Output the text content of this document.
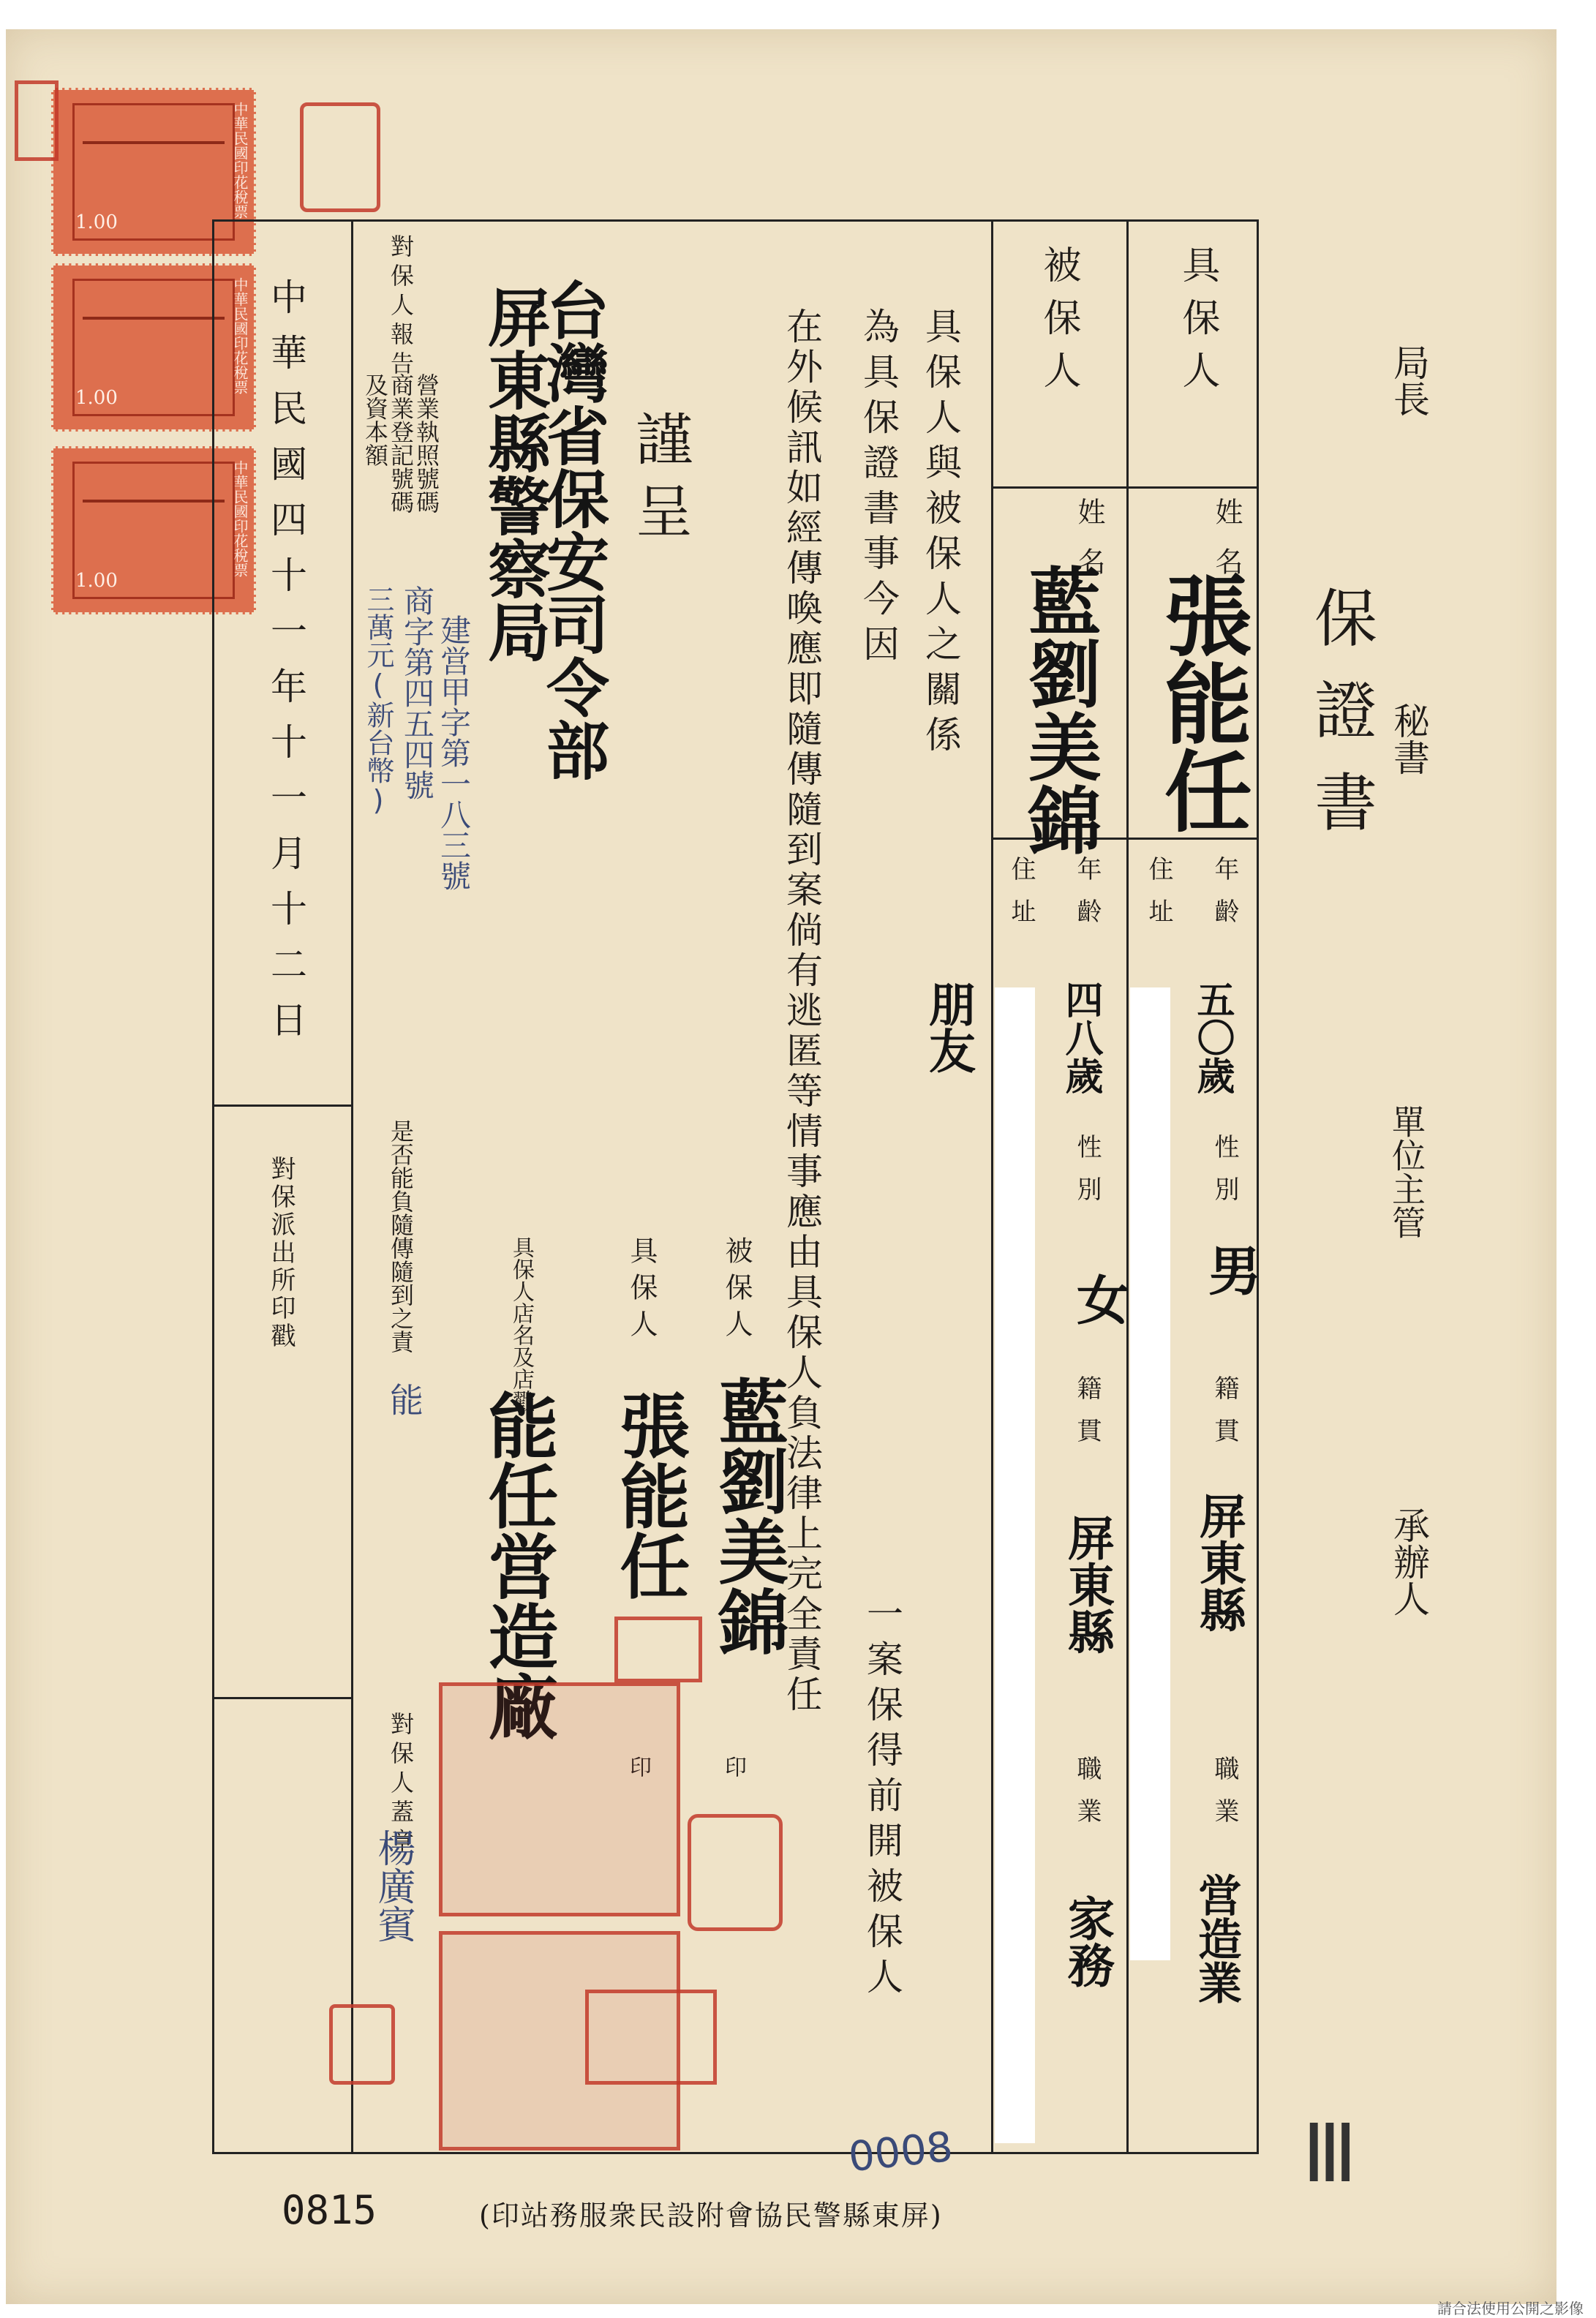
中華民國印花稅票
1.00
中華民國印花稅票
1.00
中華民國印花稅票
1.00
保證書
局長
秘書
單位主管
承辦人
具保人
姓名
張能任
年齡
住址
五〇歲
性別
男
籍貫
屏東縣
職業
営造業
被保人
姓名
藍劉美錦
年齡
住址
四八歲
性別
女
籍貫
屏東縣
職業
家務
具保人與被保人之關係
朋友
為具保證書事今因
在外候訊如經傳喚應即隨傳隨到案倘有逃匿等情事應由具保人負法律上完全責任
一案保得前開被保人
被保人
藍劉美錦
印
具保人
張能任
印
具保人店名及店戳
能任営造廠
謹呈
台灣省保安司令部
屏東縣警察局
對保人報告
營業執照號碼
商業登記號碼
及資本額
建営甲字第一八三號
商字第四五四號
三萬元(新台幣)
是否能負隨傳隨到之責
能
對保人蓋章
楊廣賓
中華民國四十一年十一月十二日
對保派出所印戳
0815	(印站務服衆民設附會協民警縣東屏)
0008	Ⅲ
請合法使用公開之影像
